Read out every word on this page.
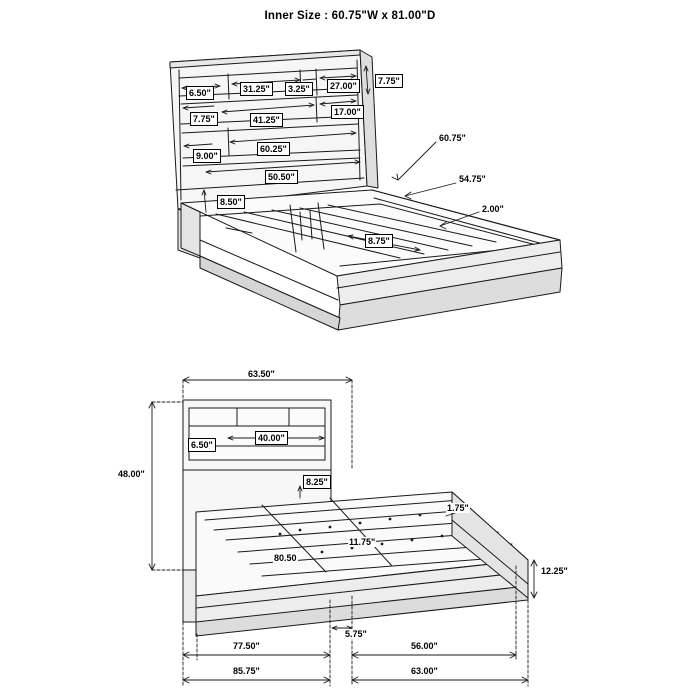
Inner Size : 60.75"W x 81.00"D
6.50"	31.25"	3.25"	27.00"	7.75"
17.00"
7.75"	41.25"
9.00"
60.25"
50.50"
8.50"
8.75"
60.75"
54.75"
2.00"
63.50"
48.00"
6.50"
40.00"
8.25"
1.75"
11.75"
80.50
12.25"
5.75"
77.50"	56.00"
85.75"	63.00"
